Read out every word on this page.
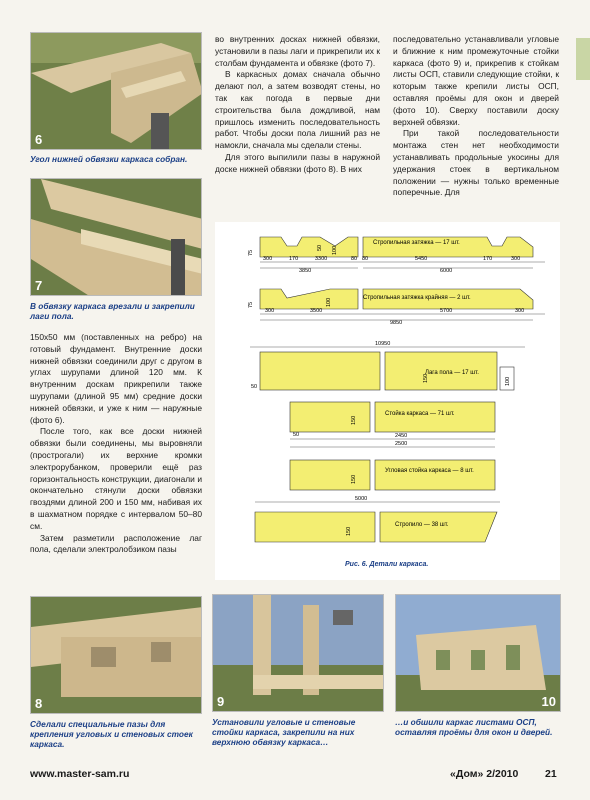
6
Угол нижней обвязки каркаса собран.
7
В обвязку каркаса врезали и закрепили лаги пола.

150х50 мм (поставленных на ребро) на готовый фундамент. Внутренние доски нижней обвязки соединили друг с другом в углах шурупами длиной 120 мм. К внутренним доскам прикрепили также шурупами (длиной 95 мм) средние доски нижней обвязки, и уже к ним — наружные (фото 6).

После того, как все доски нижней обвязки были соединены, мы выровняли (прострогали) их верхние кромки электрорубанком, проверили ещё раз горизонтальность конструкции, диагонали и окончательно стянули доски обвязки гвоздями длиной 200 и 150 мм, набивая их в шахматном порядке с интервалом 50–80 см.

Затем разметили расположение лаг пола, сделали электролобзиком пазы

во внутренних досках нижней обвязки, установили в пазы лаги и прикрепили их к столбам фундамента и обвязке (фото 7).

В каркасных домах сначала обычно делают пол, а затем возводят стены, но так как погода в первые дни строительства была дождливой, нам пришлось изменить последовательность работ. Чтобы доски пола лишний раз не намокли, сначала мы сделали стены.

Для этого выпилили пазы в наружной доске нижней обвязки (фото 8). В них

последовательно устанавливали угловые и ближние к ним промежуточные стойки каркаса (фото 9) и, прикрепив к стойкам листы ОСП, ставили следующие стойки, к которым также крепили листы ОСП, оставляя проёмы для окон и дверей (фото 10). Сверху поставили доску верхней обвязки.

При такой последовательности монтажа стен нет необходимости устанавливать продольные укосины для удержания стоек в вертикальном положении — нужны только временные поперечные. Для

Стропильная затяжка — 17 шт.
75
50 100
300	170	3300	80 80	5450	170	300
3850	6000
Стропильная затяжка крайняя — 2 шт.
75	100
300	3500	5700	300
9850
10950
Лага пола — 17 шт.
150
50
100
Стойка каркаса — 71 шт.
150
50	2450
2500
Угловая стойка каркаса — 8 шт.
150
5000
Стропило — 38 шт.
150
Рис. 6. Детали каркаса.
8
Сделали специальные пазы для крепления угловых и стеновых стоек каркаса.
9
Установили угловые и стеновые стойки каркаса, закрепили на них верхнюю обвязку каркаса…
10
…и обшили каркас листами ОСП, оставляя проёмы для окон и дверей.
www.master-sam.ru	«Дом» 2/2010	21
